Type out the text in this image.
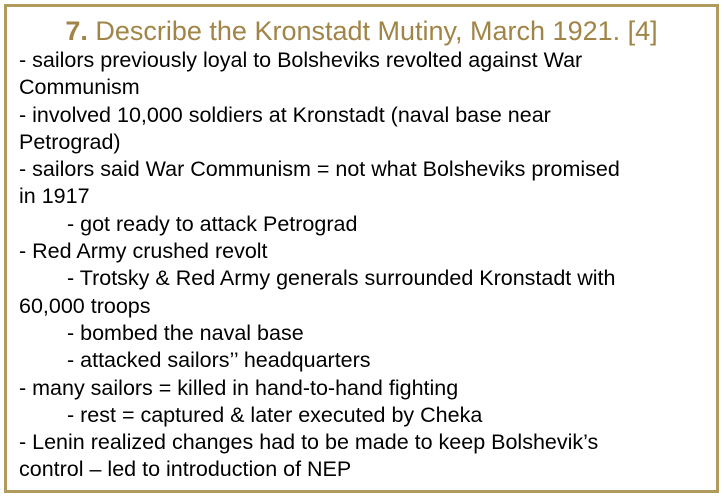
7. Describe the Kronstadt Mutiny, March 1921. [4]
- sailors previously loyal to Bolsheviks revolted against War
Communism
- involved 10,000 soldiers at Kronstadt (naval base near
Petrograd)
- sailors said War Communism = not what Bolsheviks promised
in 1917
- got ready to attack Petrograd
- Red Army crushed revolt
- Trotsky & Red Army generals surrounded Kronstadt with
60,000 troops
- bombed the naval base
- attacked sailors’’ headquarters
- many sailors = killed in hand-to-hand fighting
- rest = captured & later executed by Cheka
- Lenin realized changes had to be made to keep Bolshevik’s
control – led to introduction of NEP
